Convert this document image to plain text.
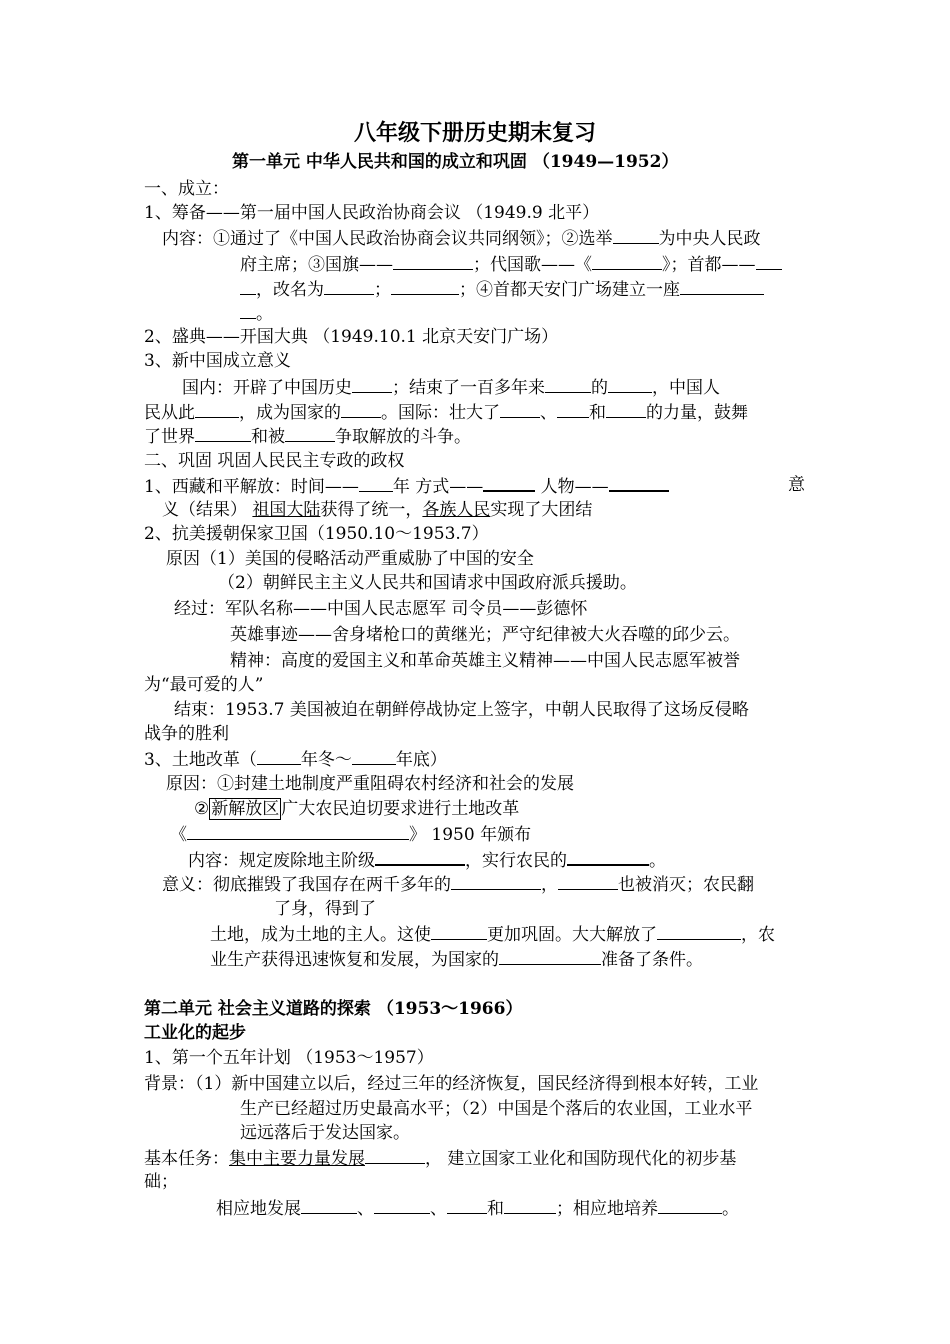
八年级下册历史期末复习
第一单元 中华人民共和国的成立和巩固 （1949—1952）
一、成立：
1、筹备——第一届中国人民政治协商会议 （1949.9 北平）
内容：①通过了《中国人民政治协商会议共同纲领》；②选举	为中央人民政
府主席；③国旗——	；代国歌——《	》；首都——
，改名为	；	；④首都天安门广场建立一座
。
2、盛典——开国大典 （1949.10.1 北京天安门广场）
3、新中国成立意义
国内：开辟了中国历史 ；结束了一百多年来	的	，中国人
民从此	，成为国家的 。国际：壮大了 、 和 的力量，鼓舞
了世界	和被	争取解放的斗争。
二、巩固 巩固人民民主专政的政权
1、西藏和平解放：时间—— 年 方式——	人物——	意
义（结果） 祖国大陆获得了统一，各族人民实现了大团结
2、抗美援朝保家卫国（1950.10～1953.7）
原因（1）美国的侵略活动严重威胁了中国的安全
（2）朝鲜民主主义人民共和国请求中国政府派兵援助。
经过：军队名称——中国人民志愿军 司令员——彭德怀
英雄事迹——舍身堵枪口的黄继光；严守纪律被大火吞噬的邱少云。
精神：高度的爱国主义和革命英雄主义精神——中国人民志愿军被誉
为“最可爱的人”
结束：1953.7 美国被迫在朝鲜停战协定上签字，中朝人民取得了这场反侵略
战争的胜利
3、土地改革（	年冬～	年底）
原因：①封建土地制度严重阻碍农村经济和社会的发展
② 新解放区 广大农民迫切要求进行土地改革
《	》 1950 年颁布
内容：规定废除地主阶级	，实行农民的	。
意义：彻底摧毁了我国存在两千多年的	，	也被消灭；农民翻
了身，得到了
土地，成为土地的主人。这使	更加巩固。大大解放了	，农
业生产获得迅速恢复和发展，为国家的	准备了条件。
第二单元 社会主义道路的探索 （1953～1966）
工业化的起步
1、第一个五年计划 （1953～1957）
背景：（1）新中国建立以后，经过三年的经济恢复，国民经济得到根本好转，工业
生产已经超过历史最高水平；（2）中国是个落后的农业国，工业水平
远远落后于发达国家。
基本任务：集中主要力量发展	， 建立国家工业化和国防现代化的初步基
础；
相应地发展	、	、 和	；相应地培养	。
